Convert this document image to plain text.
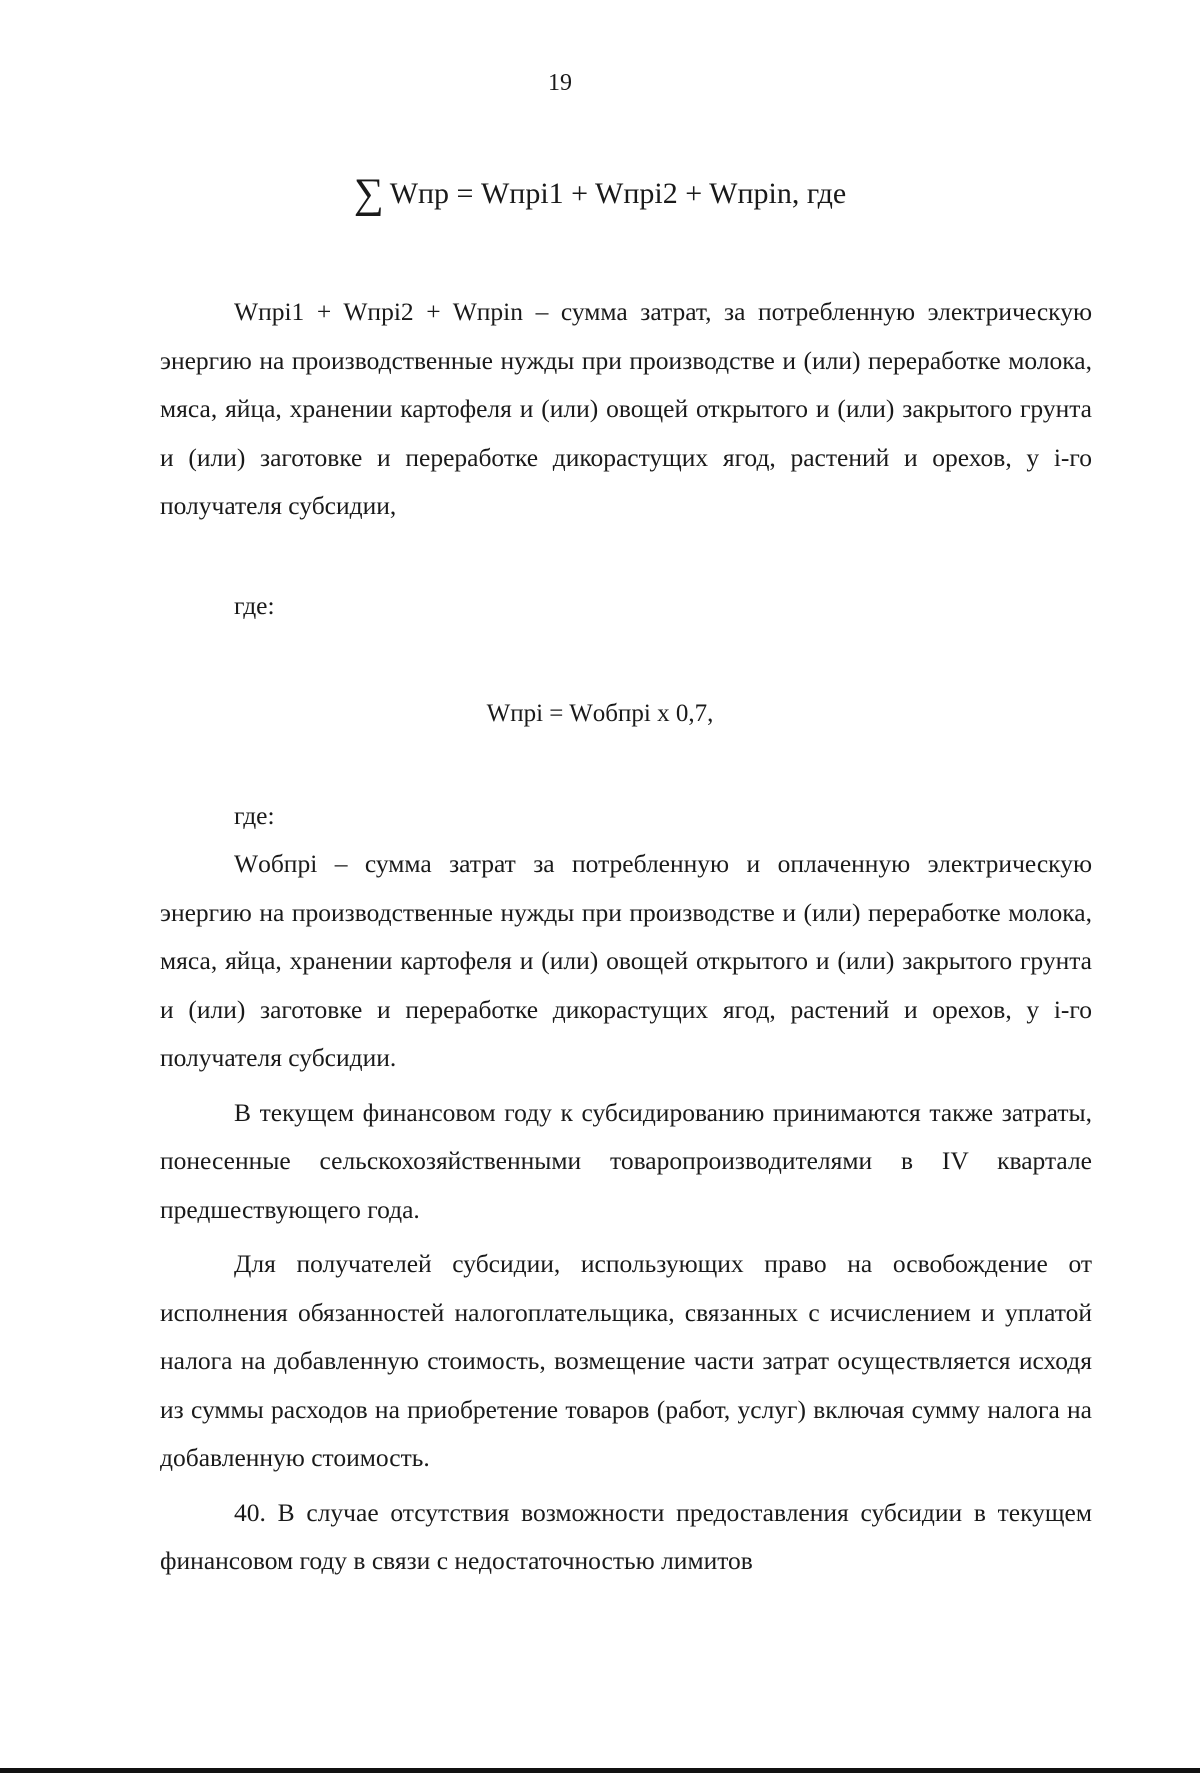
19
∑ Wпр = Wпрi1 + Wпрi2 + Wпрin, где

Wпрi1 + Wпрi2 + Wпрin – сумма затрат, за потребленную электрическую энергию на производственные нужды при производстве и (или) переработке молока, мяса, яйца, хранении картофеля и (или) овощей открытого и (или) закрытого грунта и (или) заготовке и переработке дикорастущих ягод, растений и орехов, у i-го получателя субсидии,

где:
Wпрi = Wобпрi x 0,7,
где:

Wобпрi – сумма затрат за потребленную и оплаченную электрическую энергию на производственные нужды при производстве и (или) переработке молока, мяса, яйца, хранении картофеля и (или) овощей открытого и (или) закрытого грунта и (или) заготовке и переработке дикорастущих ягод, растений и орехов, у i-го получателя субсидии.

В текущем финансовом году к субсидированию принимаются также затраты, понесенные сельскохозяйственными товаропроизводителями в IV квартале предшествующего года.

Для получателей субсидии, использующих право на освобождение от исполнения обязанностей налогоплательщика, связанных с исчислением и уплатой налога на добавленную стоимость, возмещение части затрат осуществляется исходя из суммы расходов на приобретение товаров (работ, услуг) включая сумму налога на добавленную стоимость.

40. В случае отсутствия возможности предоставления субсидии в текущем финансовом году в связи с недостаточностью лимитов
